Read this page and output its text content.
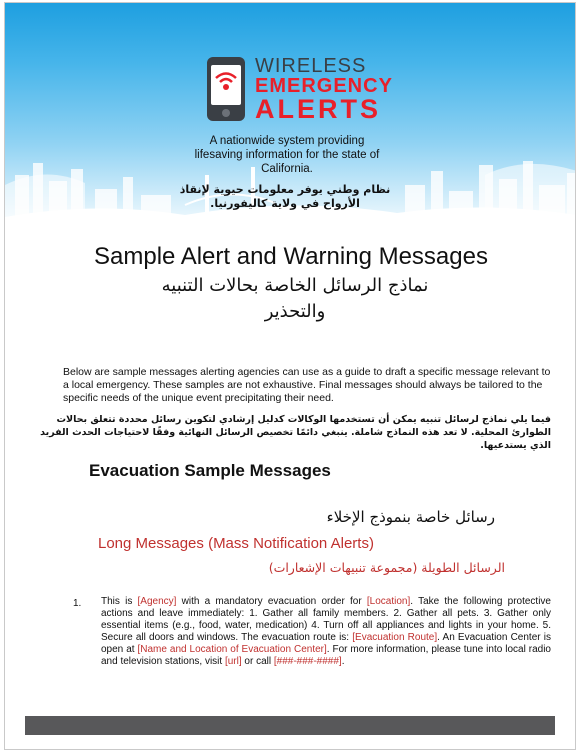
WIRELESS
EMERGENCY
ALERTS
A nationwide system providing lifesaving information for the state of California.
نظام وطني يوفر معلومات حيوية لإنقاذ الأرواح في ولاية كاليفورنيا.
Sample Alert and Warning Messages
نماذج الرسائل الخاصة بحالات التنبيه والتحذير
Below are sample messages alerting agencies can use as a guide to draft a specific message relevant to a local emergency. These samples are not exhaustive. Final messages should always be tailored to the specific needs of the unique event precipitating their need.
فيما يلي نماذج لرسائل تنبيه يمكن أن تستخدمها الوكالات كدليل إرشادي لتكوين رسائل محددة تتعلق بحالات الطوارئ المحلية. لا تعد هذه النماذج شاملة. ينبغي دائمًا تخصيص الرسائل النهائية وفقًا لاحتياجات الحدث الفريد الذي يستدعيها.
Evacuation Sample Messages
رسائل خاصة بنموذج الإخلاء
Long Messages (Mass Notification Alerts)
الرسائل الطويلة (مجموعة تنبيهات الإشعارات)
1. This is [Agency] with a mandatory evacuation order for [Location]. Take the following protective actions and leave immediately: 1. Gather all family members. 2. Gather all pets. 3. Gather only essential items (e.g., food, water, medication) 4. Turn off all appliances and lights in your home. 5. Secure all doors and windows. The evacuation route is: [Evacuation Route]. An Evacuation Center is open at [Name and Location of Evacuation Center]. For more information, please tune into local radio and television stations, visit [url] or call [###-###-####].
